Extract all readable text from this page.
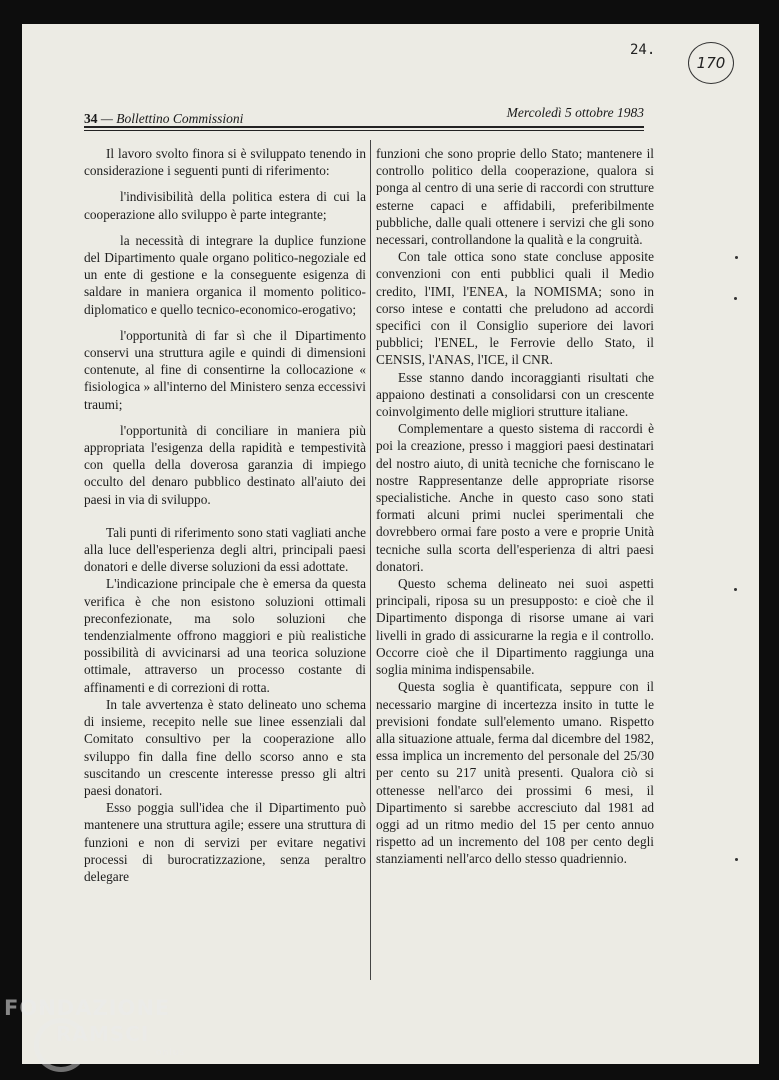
24.
170
34 — Bollettino Commissioni	Mercoledì 5 ottobre 1983

Il lavoro svolto finora si è sviluppato tenendo in considerazione i seguenti punti di riferimento:

l'indivisibilità della politica estera di cui la cooperazione allo sviluppo è parte integrante;

la necessità di integrare la duplice funzione del Dipartimento quale organo politico-negoziale ed un ente di gestione e la conseguente esigenza di saldare in maniera organica il momento politico-diplomatico e quello tecnico-economico-erogativo;

l'opportunità di far sì che il Dipartimento conservi una struttura agile e quindi di dimensioni contenute, al fine di consentirne la collocazione « fisiologica » all'interno del Ministero senza eccessivi traumi;

l'opportunità di conciliare in maniera più appropriata l'esigenza della rapidità e tempestività con quella della doverosa garanzia di impiego occulto del denaro pubblico destinato all'aiuto dei paesi in via di sviluppo.

Tali punti di riferimento sono stati vagliati anche alla luce dell'esperienza degli altri, principali paesi donatori e delle diverse soluzioni da essi adottate.

L'indicazione principale che è emersa da questa verifica è che non esistono soluzioni ottimali preconfezionate, ma solo soluzioni che tendenzialmente offrono maggiori e più realistiche possibilità di avvicinarsi ad una teorica soluzione ottimale, attraverso un processo costante di affinamenti e di correzioni di rotta.

In tale avvertenza è stato delineato uno schema di insieme, recepito nelle sue linee essenziali dal Comitato consultivo per la cooperazione allo sviluppo fin dalla fine dello scorso anno e sta suscitando un crescente interesse presso gli altri paesi donatori.

Esso poggia sull'idea che il Dipartimento può mantenere una struttura agile; essere una struttura di funzioni e non di servizi per evitare negativi processi di burocratizzazione, senza peraltro delegare

funzioni che sono proprie dello Stato; mantenere il controllo politico della cooperazione, qualora si ponga al centro di una serie di raccordi con strutture esterne capaci e affidabili, preferibilmente pubbliche, dalle quali ottenere i servizi che gli sono necessari, controllandone la qualità e la congruità.

Con tale ottica sono state concluse apposite convenzioni con enti pubblici quali il Medio credito, l'IMI, l'ENEA, la NOMISMA; sono in corso intese e contatti che preludono ad accordi specifici con il Consiglio superiore dei lavori pubblici; l'ENEL, le Ferrovie dello Stato, il CENSIS, l'ANAS, l'ICE, il CNR.

Esse stanno dando incoraggianti risultati che appaiono destinati a consolidarsi con un crescente coinvolgimento delle migliori strutture italiane.

Complementare a questo sistema di raccordi è poi la creazione, presso i maggiori paesi destinatari del nostro aiuto, di unità tecniche che forniscano le nostre Rappresentanze delle appropriate risorse specialistiche. Anche in questo caso sono stati formati alcuni primi nuclei sperimentali che dovrebbero ormai fare posto a vere e proprie Unità tecniche sulla scorta dell'esperienza di altri paesi donatori.

Questo schema delineato nei suoi aspetti principali, riposa su un presupposto: e cioè che il Dipartimento disponga di risorse umane ai vari livelli in grado di assicurarne la regia e il controllo. Occorre cioè che il Dipartimento raggiunga una soglia minima indispensabile.

Questa soglia è quantificata, seppure con il necessario margine di incertezza insito in tutte le previsioni fondate sull'elemento umano. Rispetto alla situazione attuale, ferma dal dicembre del 1982, essa implica un incremento del personale del 25/30 per cento su 217 unità presenti. Qualora ciò si ottenesse nell'arco dei prossimi 6 mesi, il Dipartimento si sarebbe accresciuto dal 1981 ad oggi ad un ritmo medio del 15 per cento annuo rispetto ad un incremento del 108 per cento degli stanziamenti nell'arco dello stesso quadriennio.

FONDAZIONE
RAMSCI
onlus
